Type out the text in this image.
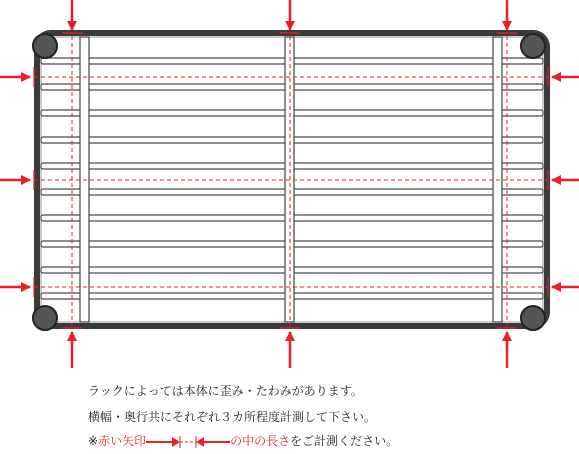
ラックによっては本体に歪み・たわみがあります。
横幅・奥行共にそれぞれ３カ所程度計測して下さい。
※赤い矢印	の中の長さをご計測ください。
